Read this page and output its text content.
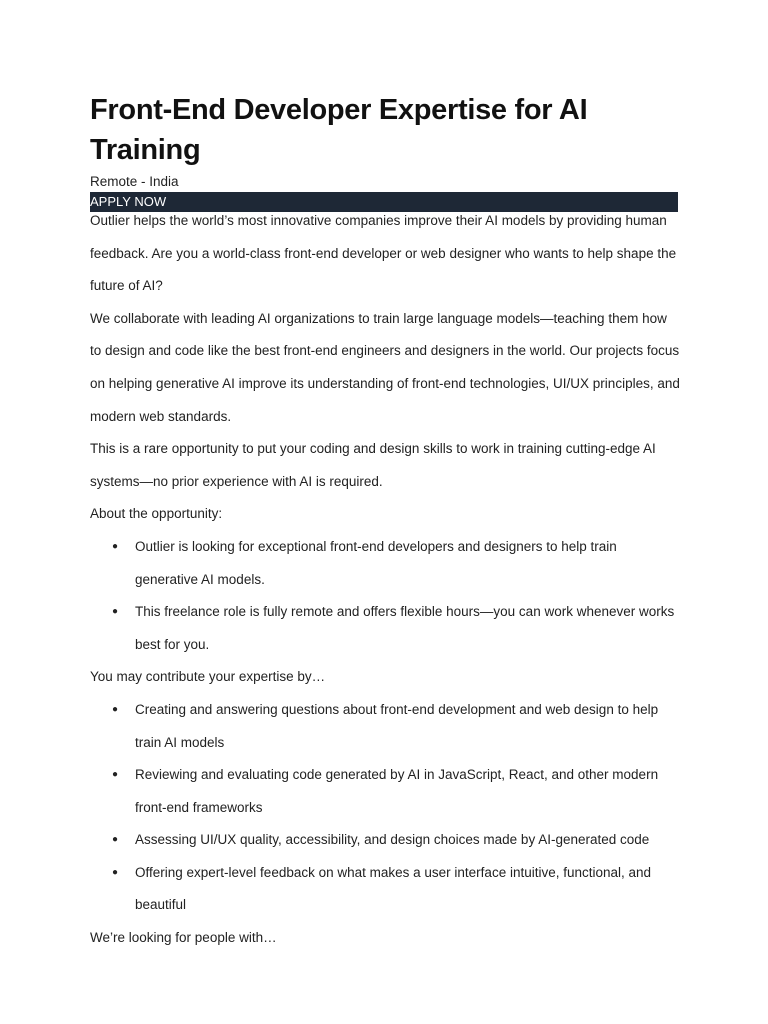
Front-End Developer Expertise for AI Training
Remote - India
APPLY NOW

Outlier helps the world’s most innovative companies improve their AI models by providing human feedback. Are you a world-class front-end developer or web designer who wants to help shape the future of AI?

We collaborate with leading AI organizations to train large language models—teaching them how to design and code like the best front-end engineers and designers in the world. Our projects focus on helping generative AI improve its understanding of front-end technologies, UI/UX principles, and modern web standards.

This is a rare opportunity to put your coding and design skills to work in training cutting-edge AI systems—no prior experience with AI is required.

About the opportunity:

● Outlier is looking for exceptional front-end developers and designers to help train generative AI models.
● This freelance role is fully remote and offers flexible hours—you can work whenever works best for you.

You may contribute your expertise by…

● Creating and answering questions about front-end development and web design to help train AI models
● Reviewing and evaluating code generated by AI in JavaScript, React, and other modern front-end frameworks
● Assessing UI/UX quality, accessibility, and design choices made by AI-generated code
● Offering expert-level feedback on what makes a user interface intuitive, functional, and beautiful

We’re looking for people with…
